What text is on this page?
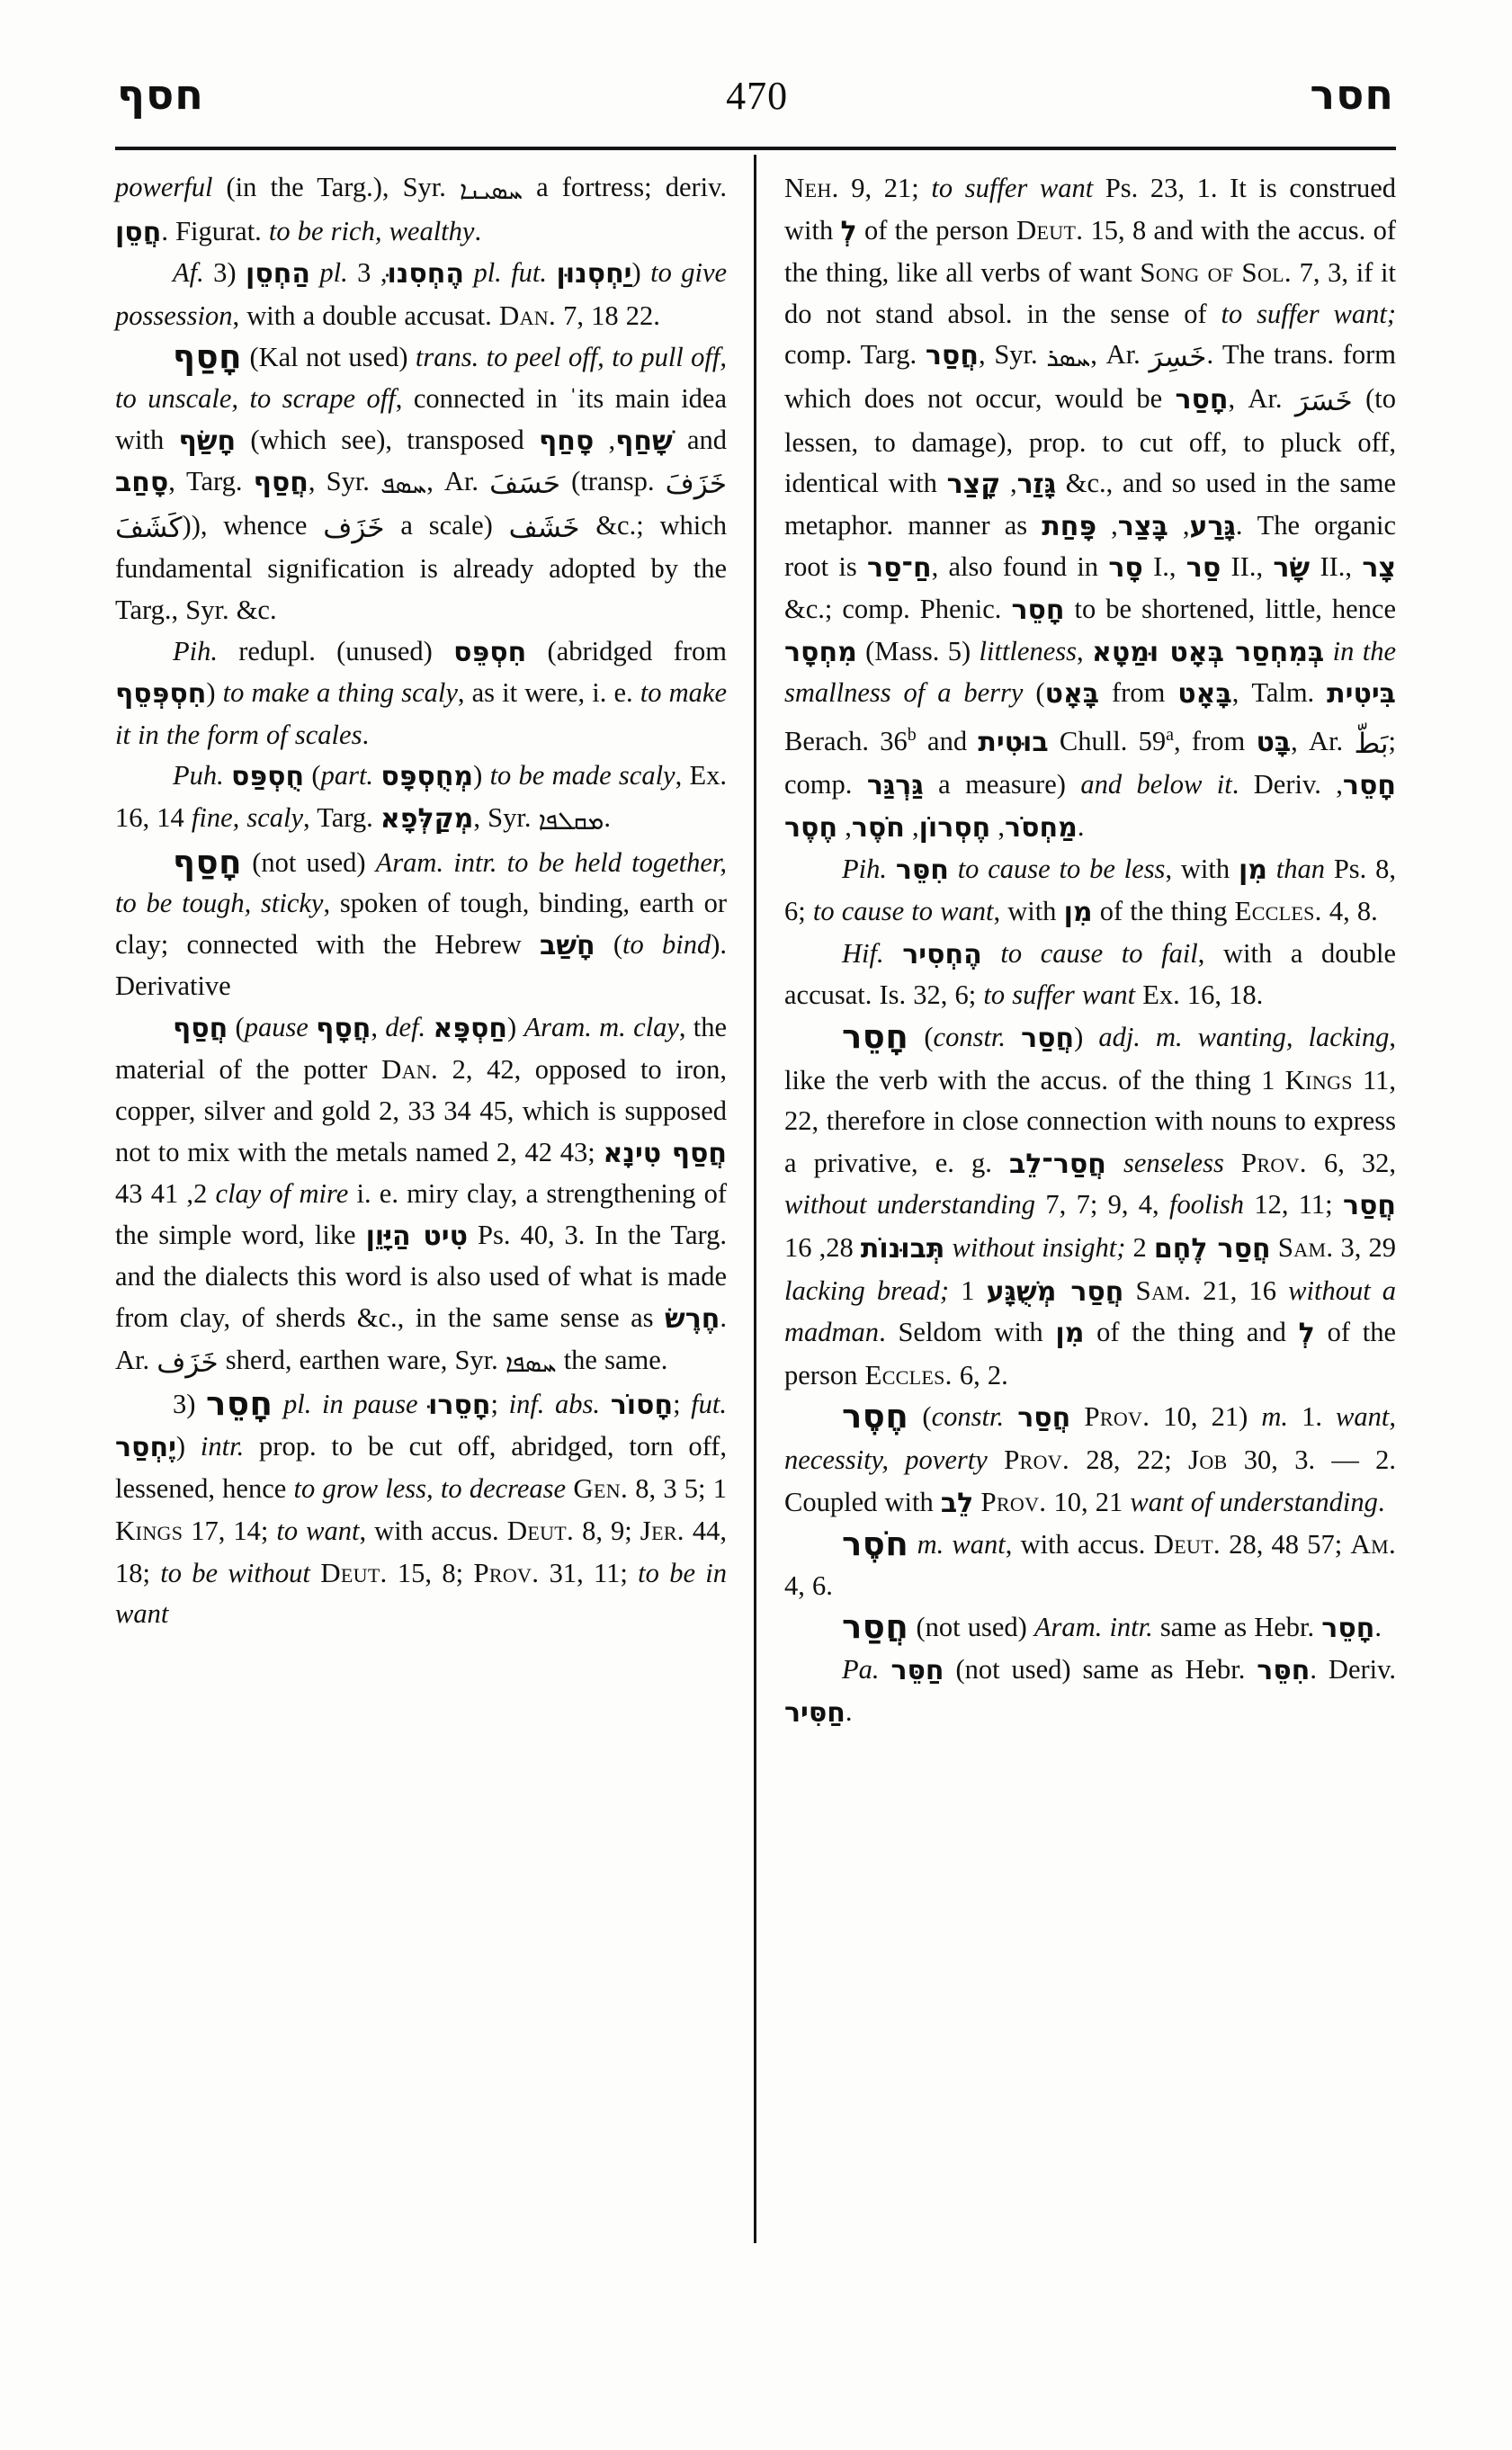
חסף	470	חסר

powerful (in the Targ.), Syr. ܚܣܝܢܐ a fortress; deriv. חֲסֵן. Figurat. to be rich, wealthy.

Af. הַחְסֵן (3 pl. הֶחְסִנוּ, 3 pl. fut. יַחְסְנוּן) to give possession, with a double accusat. Dan. 7, 18 22.

חָסַף (Kal not used) trans. to peel off, to pull off, to unscale, to scrape off, connected in ˈits main idea with חָשַׂף (which see), transposed	שָׁחַף, סָחַף	and סָחַב, Targ. חֲסַף, Syr. ܚܣܦ, Ar. حَسَفَ (transp. خَزَفَ (كَشَفَ ), whence خَزَف a scale) خَشَف &c.; which fundamental signification is already adopted by the Targ., Syr. &c.

Pih. redupl. (unused) חִסְפֵּס (abridged from חִסְפְּסֵף) to make a thing scaly, as it were, i. e. to make it in the form of scales.

Puh. חֻסְפַּס (part. מְחֻסְפָּס) to be made scaly, Ex. 16, 14 fine, scaly, Targ. מְקַלְּפָא, Syr. ܡܩܠܦܐ.

חָסַף (not used) Aram. intr. to be held together, to be tough, sticky, spoken of tough, binding, earth or clay; connected with the Hebrew חָשַׁב (to bind). Derivative

חֲסַף (pause חֲסָף, def. חַסְפָּא) Aram. m. clay, the material of the potter Dan. 2, 42, opposed to iron, copper, silver and gold 2, 33 34 45, which is supposed not to mix with the metals named 2, 42 43; חֲסַף טִינָא 2, 41 43 clay of mire i. e. miry clay, a strengthening of the simple word, like טִיט הַיָּוֵן Ps. 40, 3. In the Targ. and the dialects this word is also used of what is made from clay, of sherds &c., in the same sense as חֶרֶשׂ. Ar. خَزَف sherd, earthen ware, Syr. ܚܣܦܐ the same.

חָסֵר (3 pl. in pause חָסֵרוּ; inf. abs. חָסוֹר; fut. יֶחְסַר) intr. prop. to be cut off, abridged, torn off, lessened, hence to grow less, to decrease Gen. 8, 3 5; 1 Kings 17, 14; to want, with accus. Deut. 8, 9; Jer. 44, 18; to be without Deut. 15, 8; Prov. 31, 11; to be in want

Neh. 9, 21; to suffer want Ps. 23, 1. It is construed with לְ of the person Deut. 15, 8 and with the accus. of the thing, like all verbs of want Song of Sol. 7, 3, if it do not stand absol. in the sense of to suffer want; comp. Targ. חֲסַר, Syr. ܚܣܪ, Ar. خَسِرَ. The trans. form which does not occur, would be חָסַר, Ar. خَسَرَ (to lessen, to damage), prop. to cut off, to pluck off, identical with	גָּזַר, קָצַר &c., and so used in the same metaphor. manner as	גָּרַע, בָּצַר, פָּחַת	. The organic root is חַ־סַר, also found in סָר I., סַר II., שָׂר II., צָר &c.; comp. Phenic. חָסֵר to be shortened, little, hence מִחְסָר (Mass. 5) littleness, בְּמִחְסַר בְּאָט וּמַטָא in the smallness of a berry (בָּאָט from בָּאָט, Talm. בִּיטִית Berach. 36$^b$ and בוּטִית Chull. 59$^a$, from בָּט, Ar. بَطّ; comp. גַּרְגַּר a measure) and below it. Deriv. חָסֵר, מַחְסֹר, חֶסְרוֹן, חֹסֶר, חֶסֶר	.

Pih. חִסֵּר to cause to be less, with מִן than Ps. 8, 6; to cause to want, with מִן of the thing Eccles. 4, 8.

Hif. הֶחְסִיר to cause to fail, with a double accusat. Is. 32, 6; to suffer want Ex. 16, 18.

חָסֵר (constr. חֲסַר) adj. m. wanting, lacking, like the verb with the accus. of the thing 1 Kings 11, 22, therefore in close connection with nouns to express a privative, e. g. חֲסַר־לֵב senseless Prov. 6, 32, without understanding 7, 7; 9, 4, foolish 12, 11; חֲסַר תְּבוּנוֹת 28, 16 without insight; חֲסַר לֶחֶם 2 Sam. 3, 29 lacking bread; חֲסַר מְשֻׁגָּע 1 Sam. 21, 16 without a madman. Seldom with מִן of the thing and לְ of the person Eccles. 6, 2.

חֶסֶר (constr. חֲסַר Prov. 10, 21) m. 1. want, necessity, poverty Prov. 28, 22; Job 30, 3. — 2. Coupled with לֵב Prov. 10, 21 want of understanding.

חֹסֶר m. want, with accus. Deut. 28, 48 57; Am. 4, 6.

חֲסַר (not used) Aram. intr. same as Hebr. חָסֵר.

Pa. חַסֵּר (not used) same as Hebr. חִסֵּר. Deriv. חַסִּיר.
